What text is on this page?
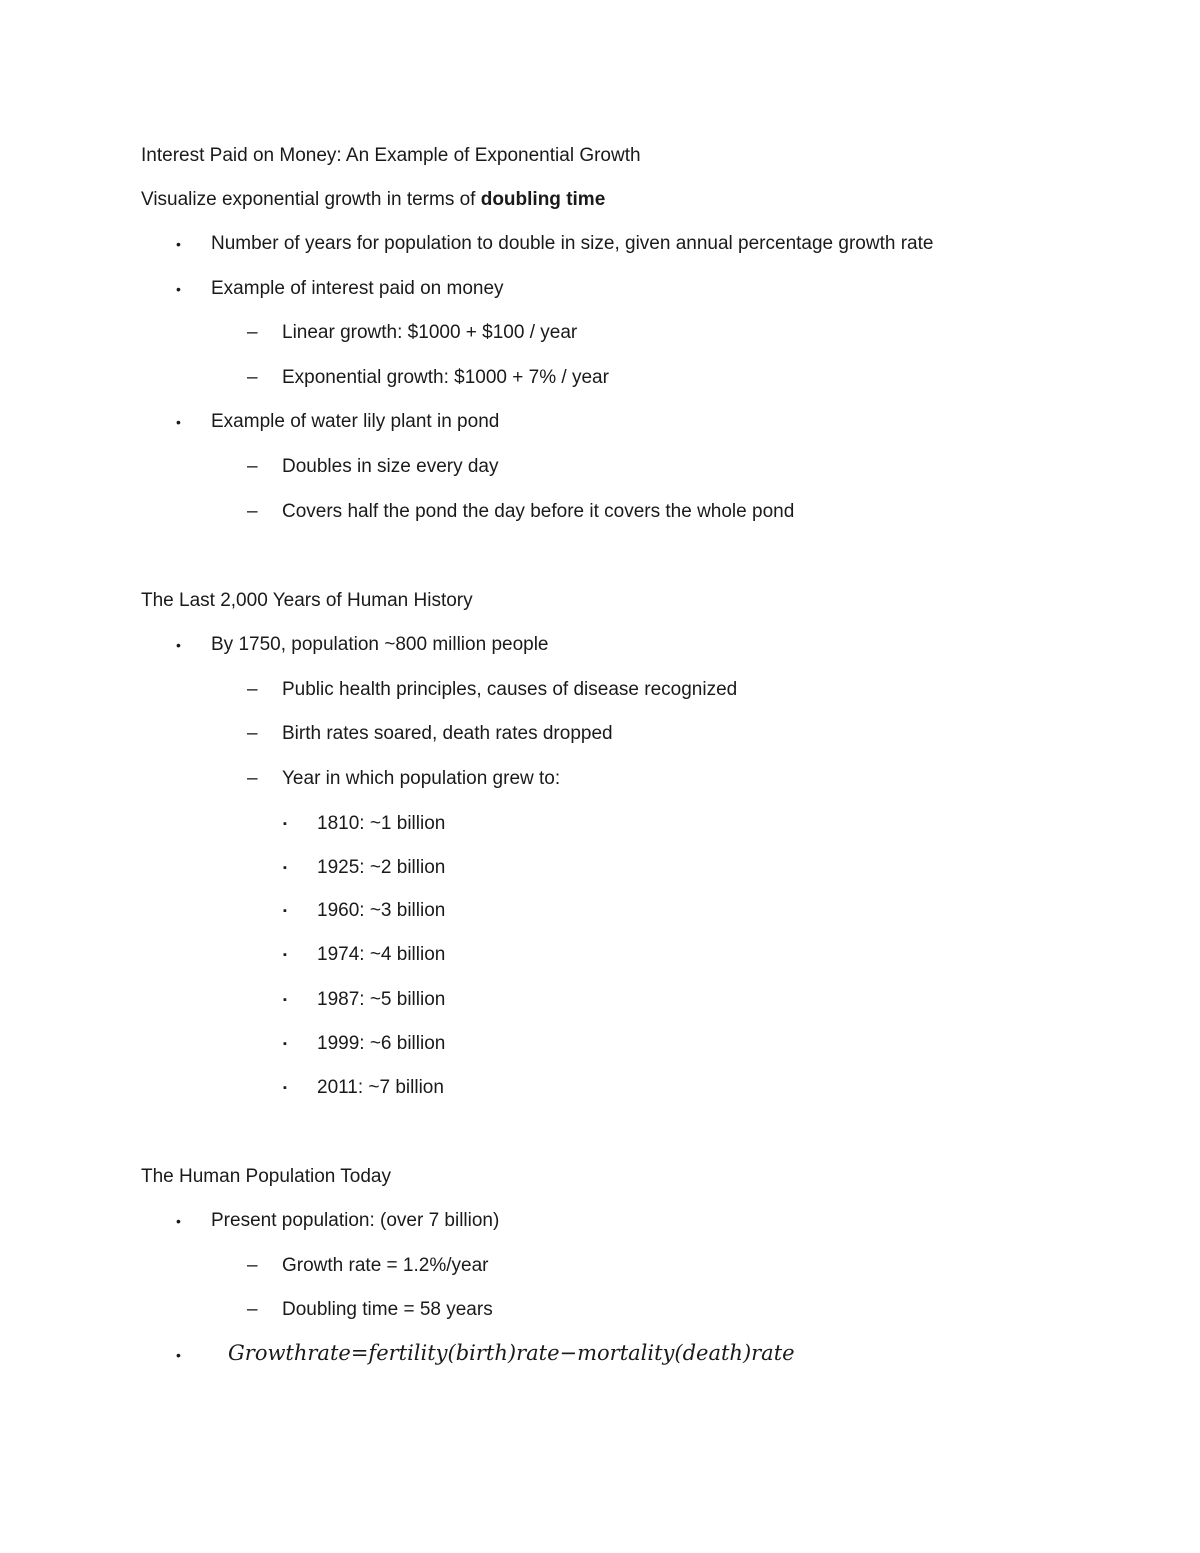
Interest Paid on Money: An Example of Exponential Growth
Visualize exponential growth in terms of doubling time
• Number of years for population to double in size, given annual percentage growth rate
• Example of interest paid on money
– Linear growth: $1000 + $100 / year
– Exponential growth: $1000 + 7% / year
• Example of water lily plant in pond
– Doubles in size every day
– Covers half the pond the day before it covers the whole pond
The Last 2,000 Years of Human History
• By 1750, population ~800 million people
– Public health principles, causes of disease recognized
– Birth rates soared, death rates dropped
– Year in which population grew to:
▪ 1810: ~1 billion
▪ 1925: ~2 billion
▪ 1960: ~3 billion
▪ 1974: ~4 billion
▪ 1987: ~5 billion
▪ 1999: ~6 billion
▪ 2011: ~7 billion
The Human Population Today
• Present population: (over 7 billion)
– Growth rate = 1.2%/year
– Doubling time = 58 years
• Growthrate=fertility(birth)rate−mortality(death)rate
